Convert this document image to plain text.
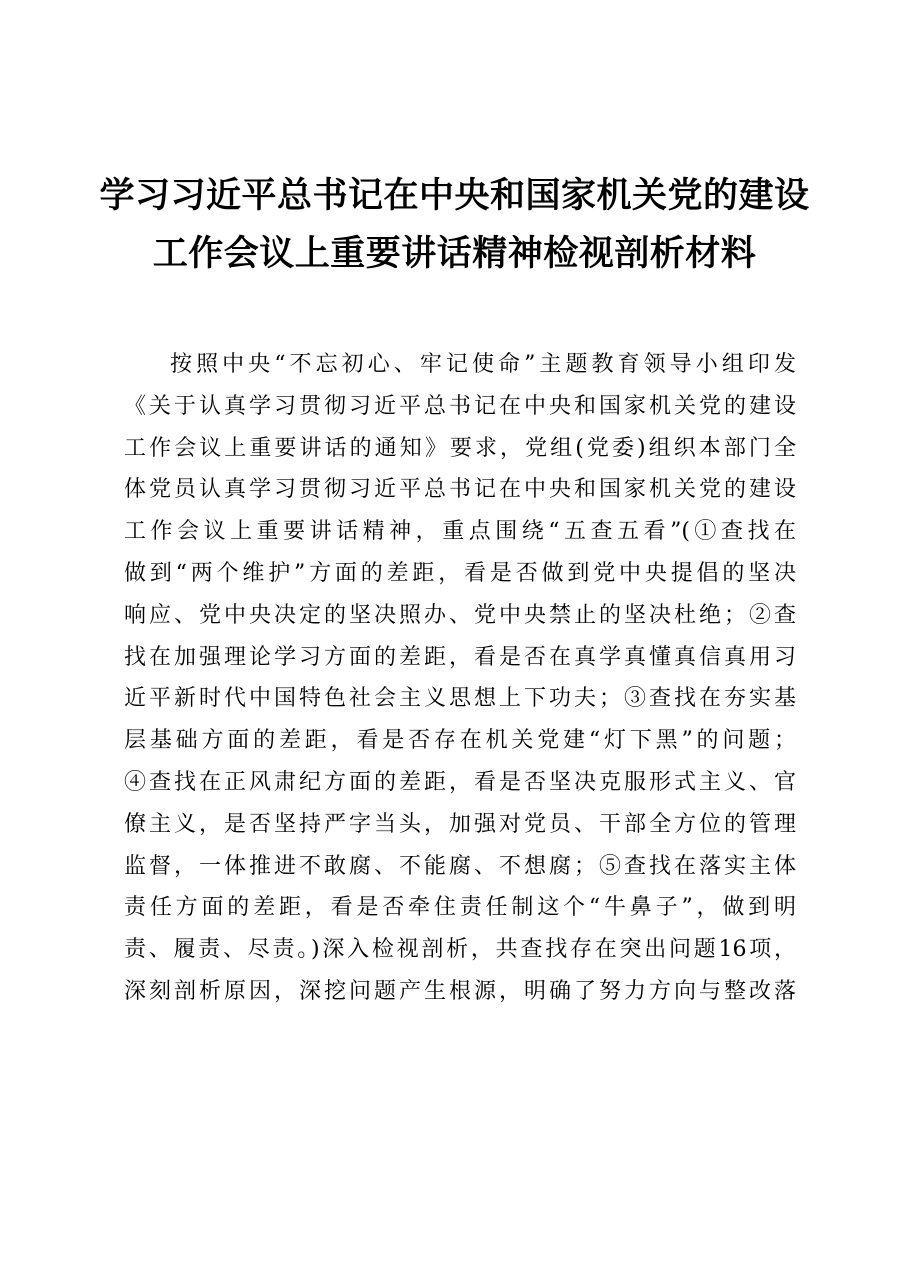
学习习近平总书记在中央和国家机关党的建设
工作会议上重要讲话精神检视剖析材料
按照中央“不忘初心、牢记使命”主题教育领导小组印发
《关于认真学习贯彻习近平总书记在中央和国家机关党的建设
工作会议上重要讲话的通知》要求，党组(党委)组织本部门全
体党员认真学习贯彻习近平总书记在中央和国家机关党的建设
工作会议上重要讲话精神，重点围绕“五查五看”(①查找在
做到“两个维护”方面的差距，看是否做到党中央提倡的坚决
响应、党中央决定的坚决照办、党中央禁止的坚决杜绝；②查
找在加强理论学习方面的差距，看是否在真学真懂真信真用习
近平新时代中国特色社会主义思想上下功夫；③查找在夯实基
层基础方面的差距，看是否存在机关党建“灯下黑”的问题；
④查找在正风肃纪方面的差距，看是否坚决克服形式主义、官
僚主义，是否坚持严字当头，加强对党员、干部全方位的管理
监督，一体推进不敢腐、不能腐、不想腐；⑤查找在落实主体
责任方面的差距，看是否牵住责任制这个“牛鼻子”，做到明
责、履责、尽责。)深入检视剖析，共查找存在突出问题16项，
深刻剖析原因，深挖问题产生根源，明确了努力方向与整改落
